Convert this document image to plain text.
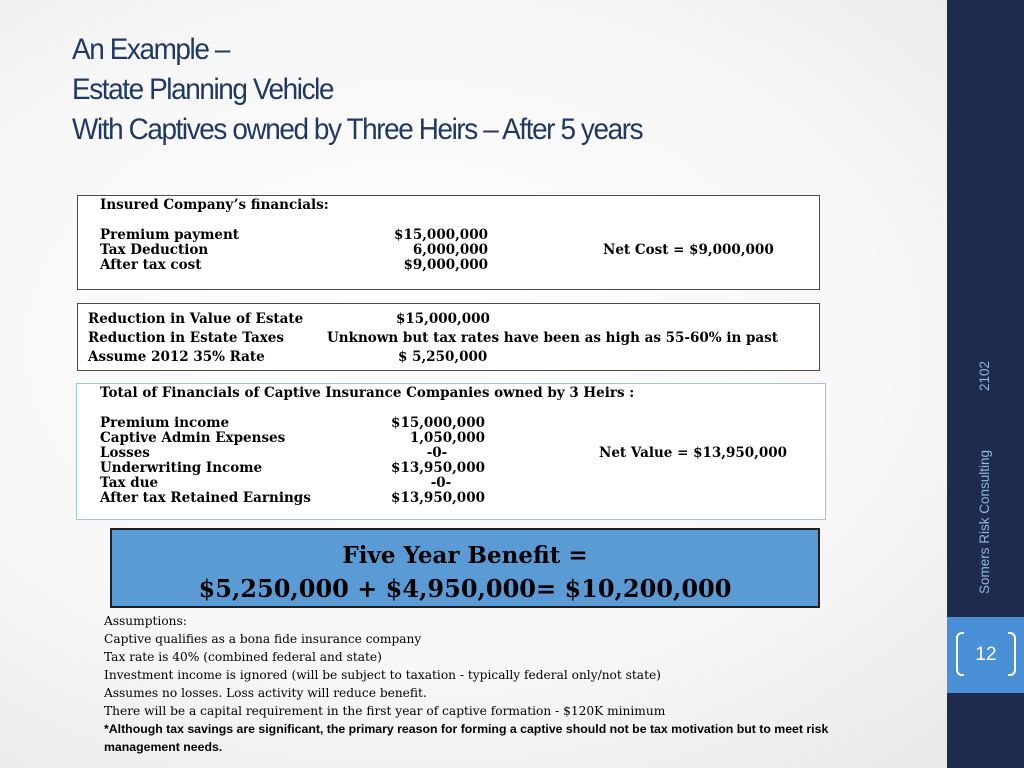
An Example –
Estate Planning Vehicle
With Captives owned by Three Heirs – After 5 years
Insured Company’s financials:
Premium payment	$15,000,000
Tax Deduction	6,000,000
After tax cost	$9,000,000
Net Cost = $9,000,000
Reduction in Value of Estate	$15,000,000
Reduction in Estate Taxes	Unknown but tax rates have been as high as 55-60% in past
Assume 2012 35% Rate	$ 5,250,000
Total of Financials of Captive Insurance Companies owned by 3 Heirs :
Premium income	$15,000,000
Captive Admin Expenses	1,050,000
Losses	-0-
Underwriting Income	$13,950,000
Tax due	-0-
After tax Retained Earnings	$13,950,000
Net Value = $13,950,000
Five Year Benefit =
$5,250,000 + $4,950,000= $10,200,000
Assumptions:
Captive qualifies as a bona fide insurance company
Tax rate is 40% (combined federal and state)
Investment income is ignored (will be subject to taxation - typically federal only/not state)
Assumes no losses. Loss activity will reduce benefit.
There will be a capital requirement in the first year of captive formation - $120K minimum
*Although tax savings are significant, the primary reason for forming a captive should not be tax motivation but to meet risk management needs.
2102
Somers Risk Consulting
12
